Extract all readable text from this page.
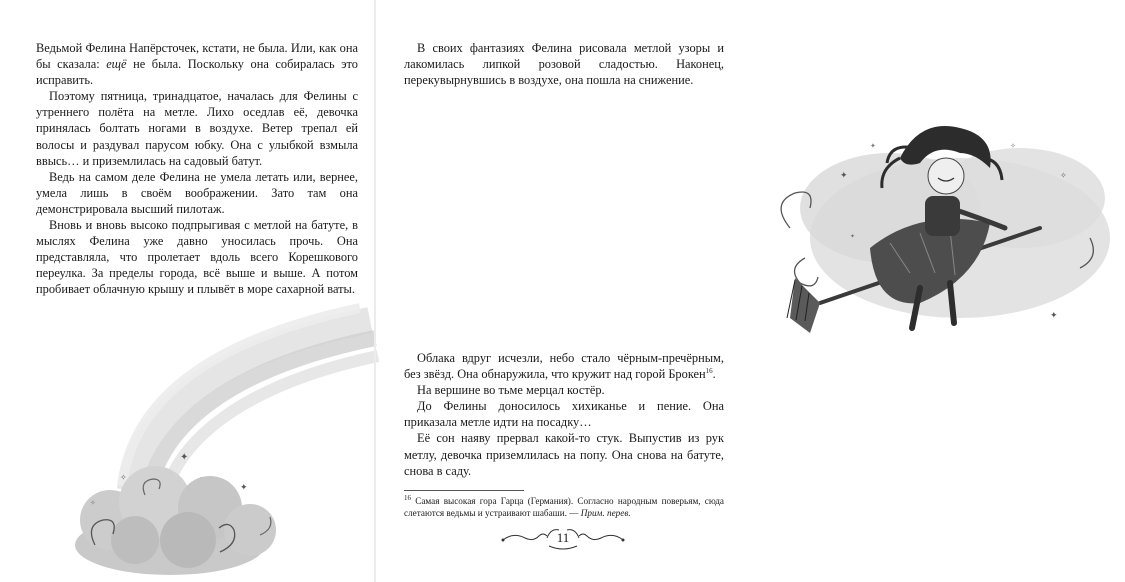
Ведьмой Фелина Напёрсточек, кстати, не была. Или, как она бы сказала: ещё не была. Поскольку она собиралась это исправить.

Поэтому пятница, тринадцатое, началась для Фелины с утреннего полёта на метле. Лихо оседлав её, девочка принялась болтать ногами в воздухе. Ветер трепал ей волосы и раздувал парусом юбку. Она с улыбкой взмыла ввысь… и приземлилась на садовый батут.

Ведь на самом деле Фелина не умела летать или, вернее, умела лишь в своём воображении. Зато там она демонстрировала высший пилотаж.

Вновь и вновь высоко подпрыгивая с метлой на батуте, в мыслях Фелина уже давно уносилась прочь. Она представляла, что пролетает вдоль всего Корешкового переулка. За пределы города, всё выше и выше. А потом пробивает облачную крышу и плывёт в море сахарной ваты.

✦
✧
✦
✧
·

В своих фантазиях Фелина рисовала метлой узоры и лакомилась липкой розовой сладостью. Наконец, перекувырнувшись в воздухе, она пошла на снижение.

✦	✧
✦
✦
✧
✦

Облака вдруг исчезли, небо стало чёрным-пречёрным, без звёзд. Она обнаружила, что кружит над горой Брокен$^{16}$.

На вершине во тьме мерцал костёр.

До Фелины доносилось хихиканье и пение. Она приказала метле идти на посадку…

Её сон наяву прервал какой-то стук. Выпустив из рук метлу, девочка приземлилась на попу. Она снова на батуте, снова в саду.

$^{16}$ Самая высокая гора Гарца (Германия). Согласно народным поверьям, сюда слетаются ведьмы и устраивают шабаши. — Прим. перев.
11
